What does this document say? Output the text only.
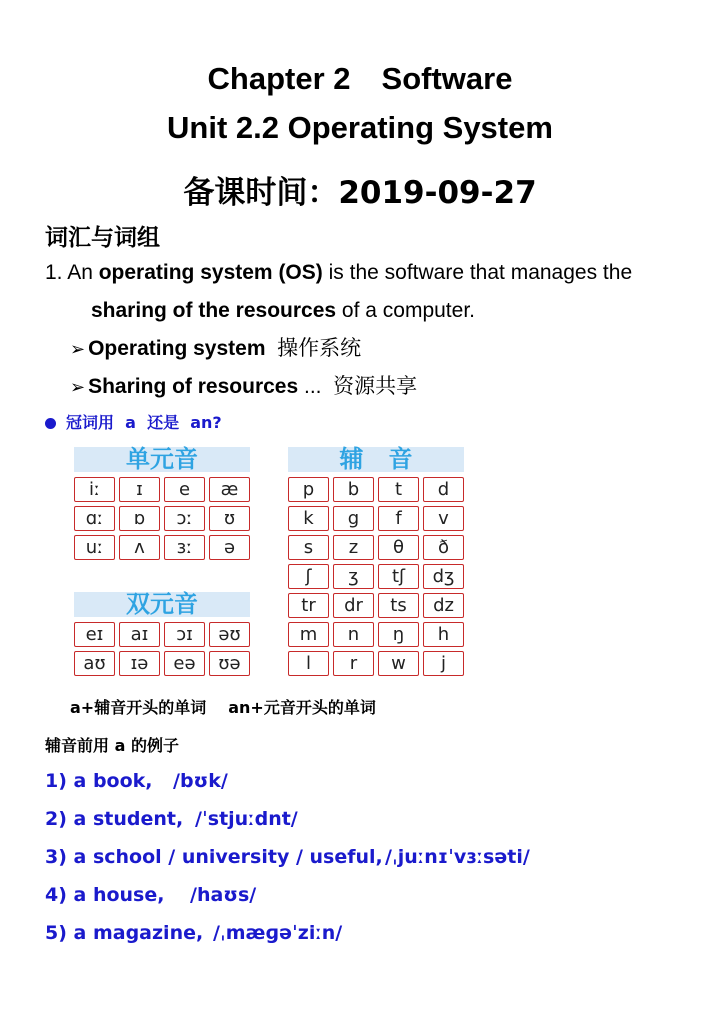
Chapter 2　Software
Unit 2.2 Operating System
备课时间：2019-09-27
词汇与词组
1. An operating system (OS) is the software that manages the
sharing of the resources of a computer.
➢ Operating system 操作系统
➢ Sharing of resources ...  资源共享
冠词用  a  还是  an?
单元音
iː	ɪ	e	æ
ɑː	ɒ	ɔː	ʊ
uː	ʌ	ɜː	ə
双元音
eɪ	aɪ	ɔɪ	əʊ
aʊ	ɪə	eə	ʊə
辅   音
p	b	t	d
k	g	f	v
s	z	θ	ð
ʃ	ʒ	tʃ	dʒ
tr	dr	ts	dz
m	n	ŋ	h
l	r	w	j
a+辅音开头的单词 an+元音开头的单词
辅音前用 a 的例子
1) a book, /bʊk/
2) a student, /ˈstjuːdnt/
3) a school / university / useful, /ˌjuːnɪˈvɜːsəti/
4) a house, /haʊs/
5) a magazine, /ˌmæɡəˈziːn/
